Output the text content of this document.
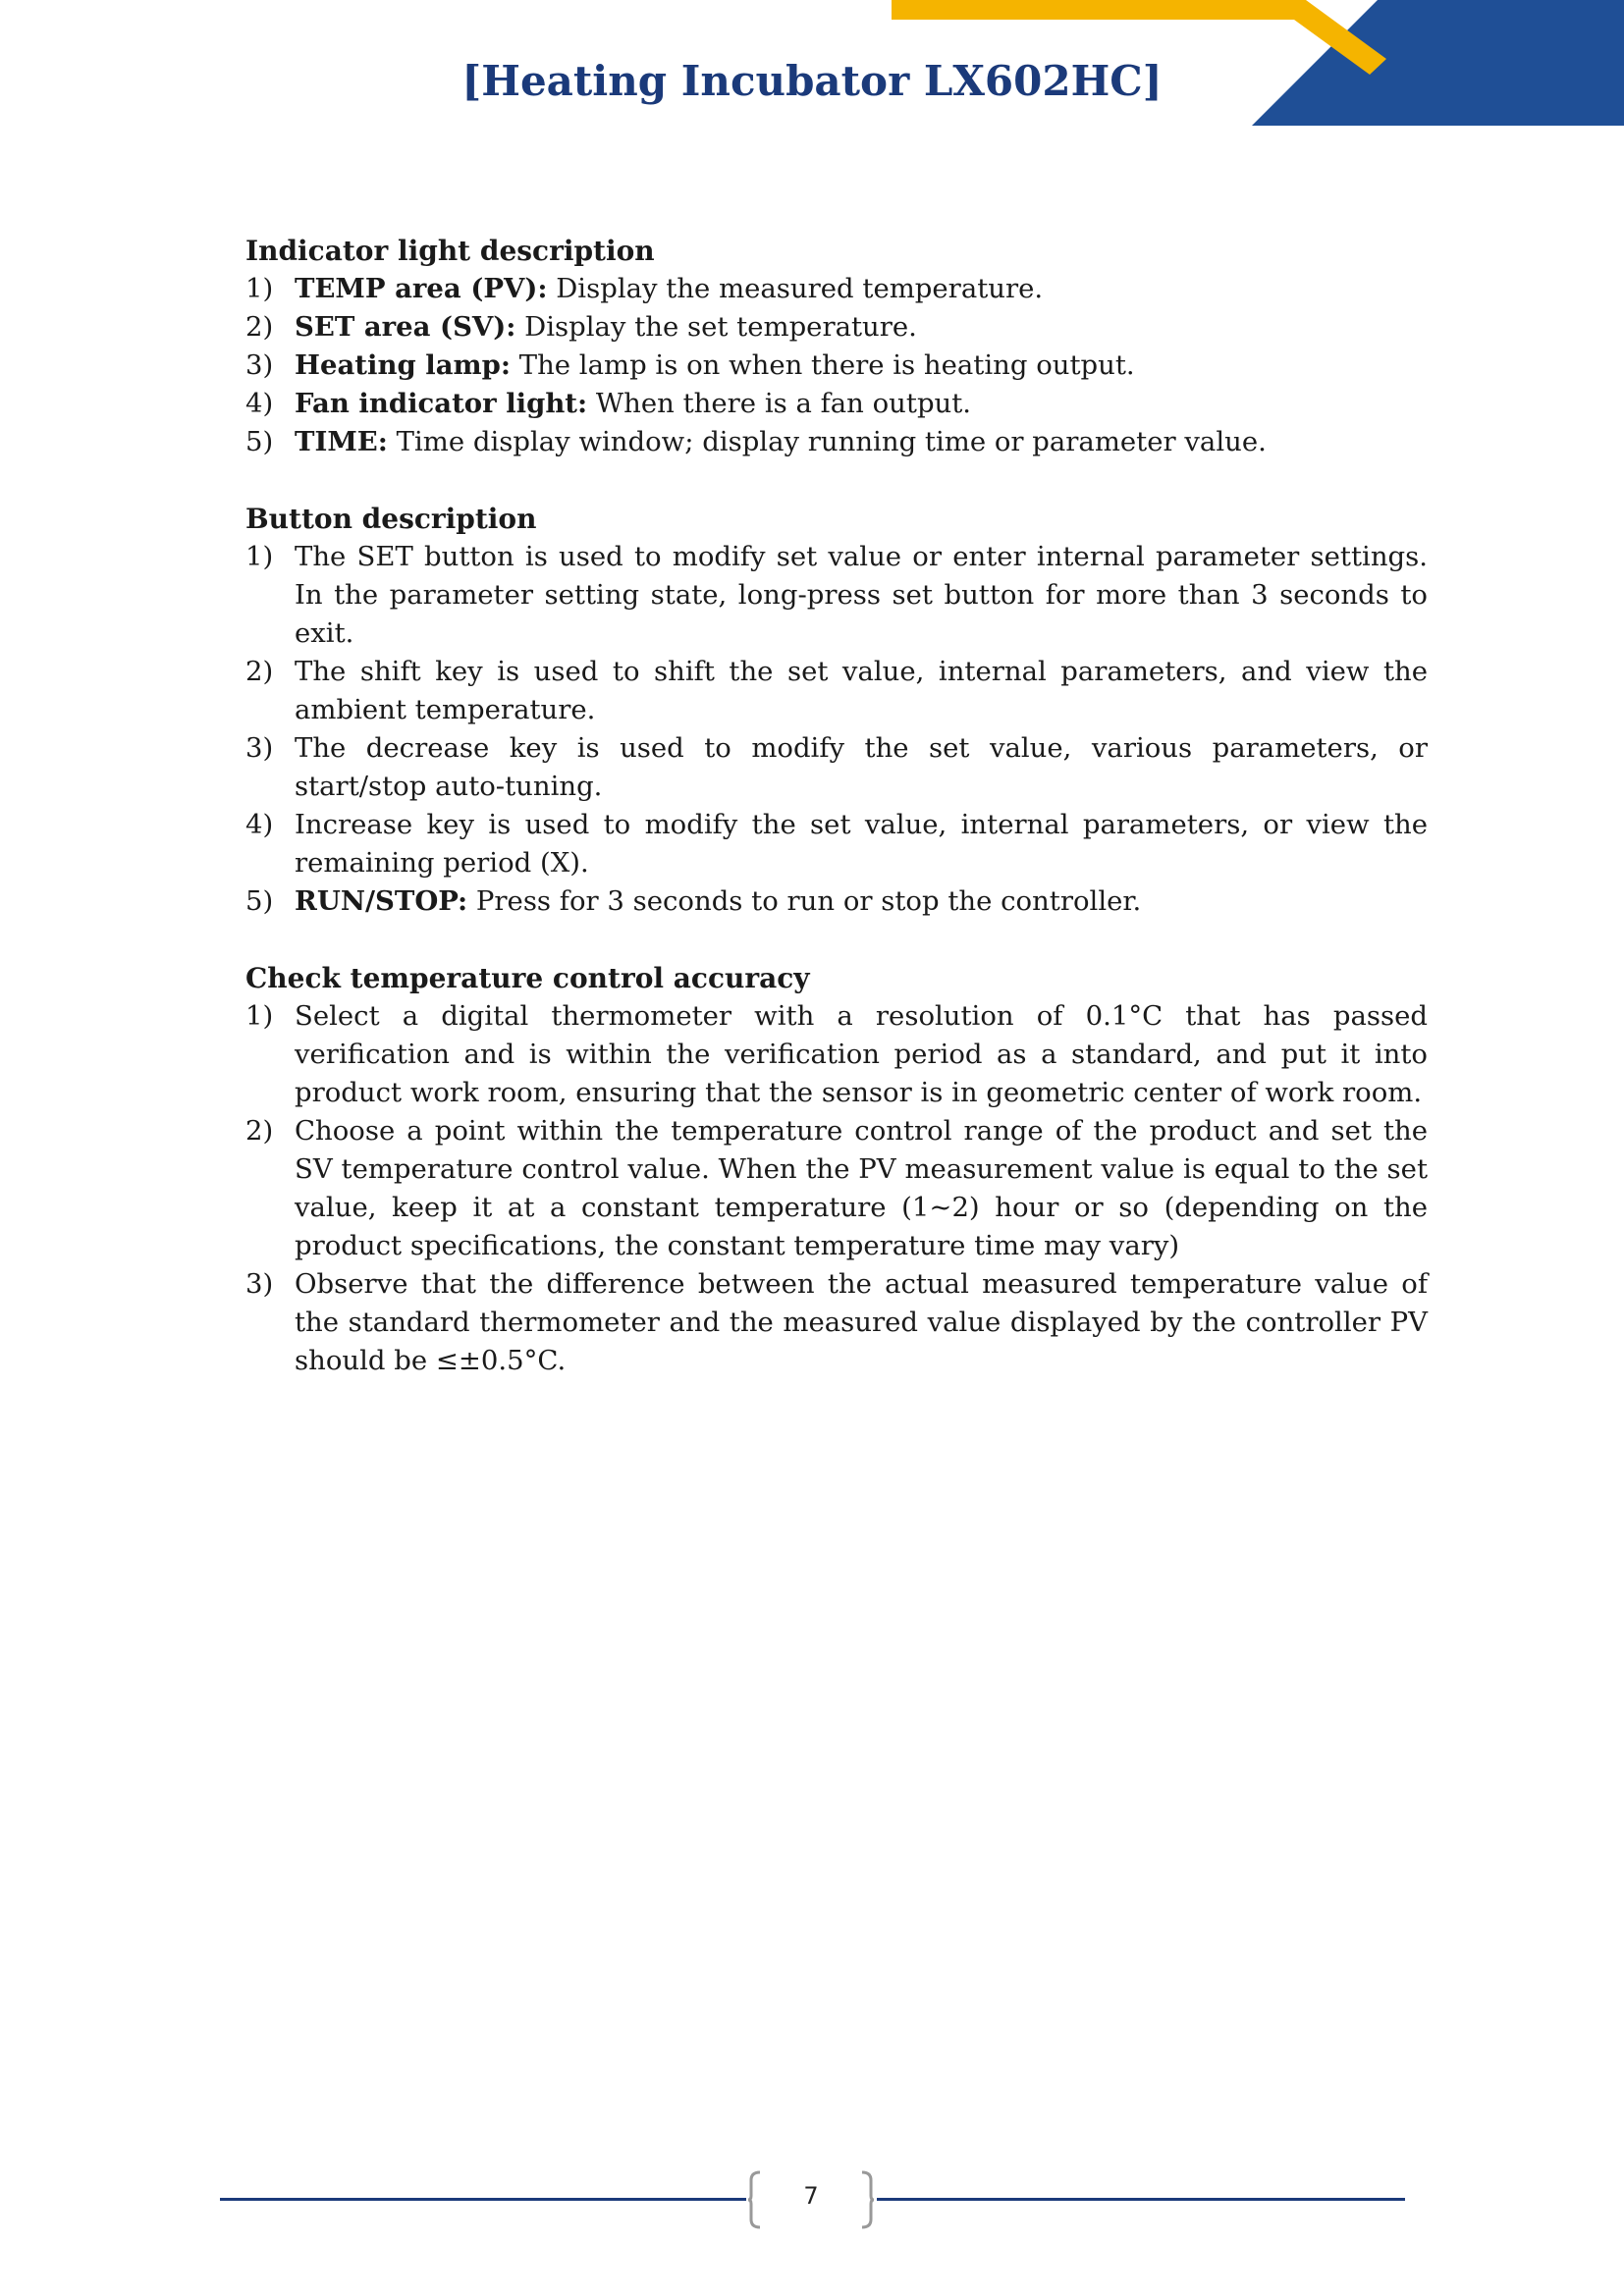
[Heating Incubator LX602HC]
Indicator light description
1) TEMP area (PV): Display the measured temperature.
2) SET area (SV): Display the set temperature.
3) Heating lamp: The lamp is on when there is heating output.
4) Fan indicator light: When there is a fan output.
5) TIME: Time display window; display running time or parameter value.
Button description
1) The SET button is used to modify set value or enter internal parameter settings. In the parameter setting state, long-press set button for more than 3 seconds to exit.
2) The shift key is used to shift the set value, internal parameters, and view the ambient temperature.
3) The decrease key is used to modify the set value, various parameters, or start/stop auto-tuning.
4) Increase key is used to modify the set value, internal parameters, or view the remaining period (X).
5) RUN/STOP: Press for 3 seconds to run or stop the controller.
Check temperature control accuracy
1) Select a digital thermometer with a resolution of 0.1°C that has passed verification and is within the verification period as a standard, and put it into product work room, ensuring that the sensor is in geometric center of work room.
2) Choose a point within the temperature control range of the product and set the SV temperature control value. When the PV measurement value is equal to the set value, keep it at a constant temperature (1~2) hour or so (depending on the product specifications, the constant temperature time may vary)
3) Observe that the difference between the actual measured temperature value of the standard thermometer and the measured value displayed by the controller PV should be ≤±0.5°C.
7
